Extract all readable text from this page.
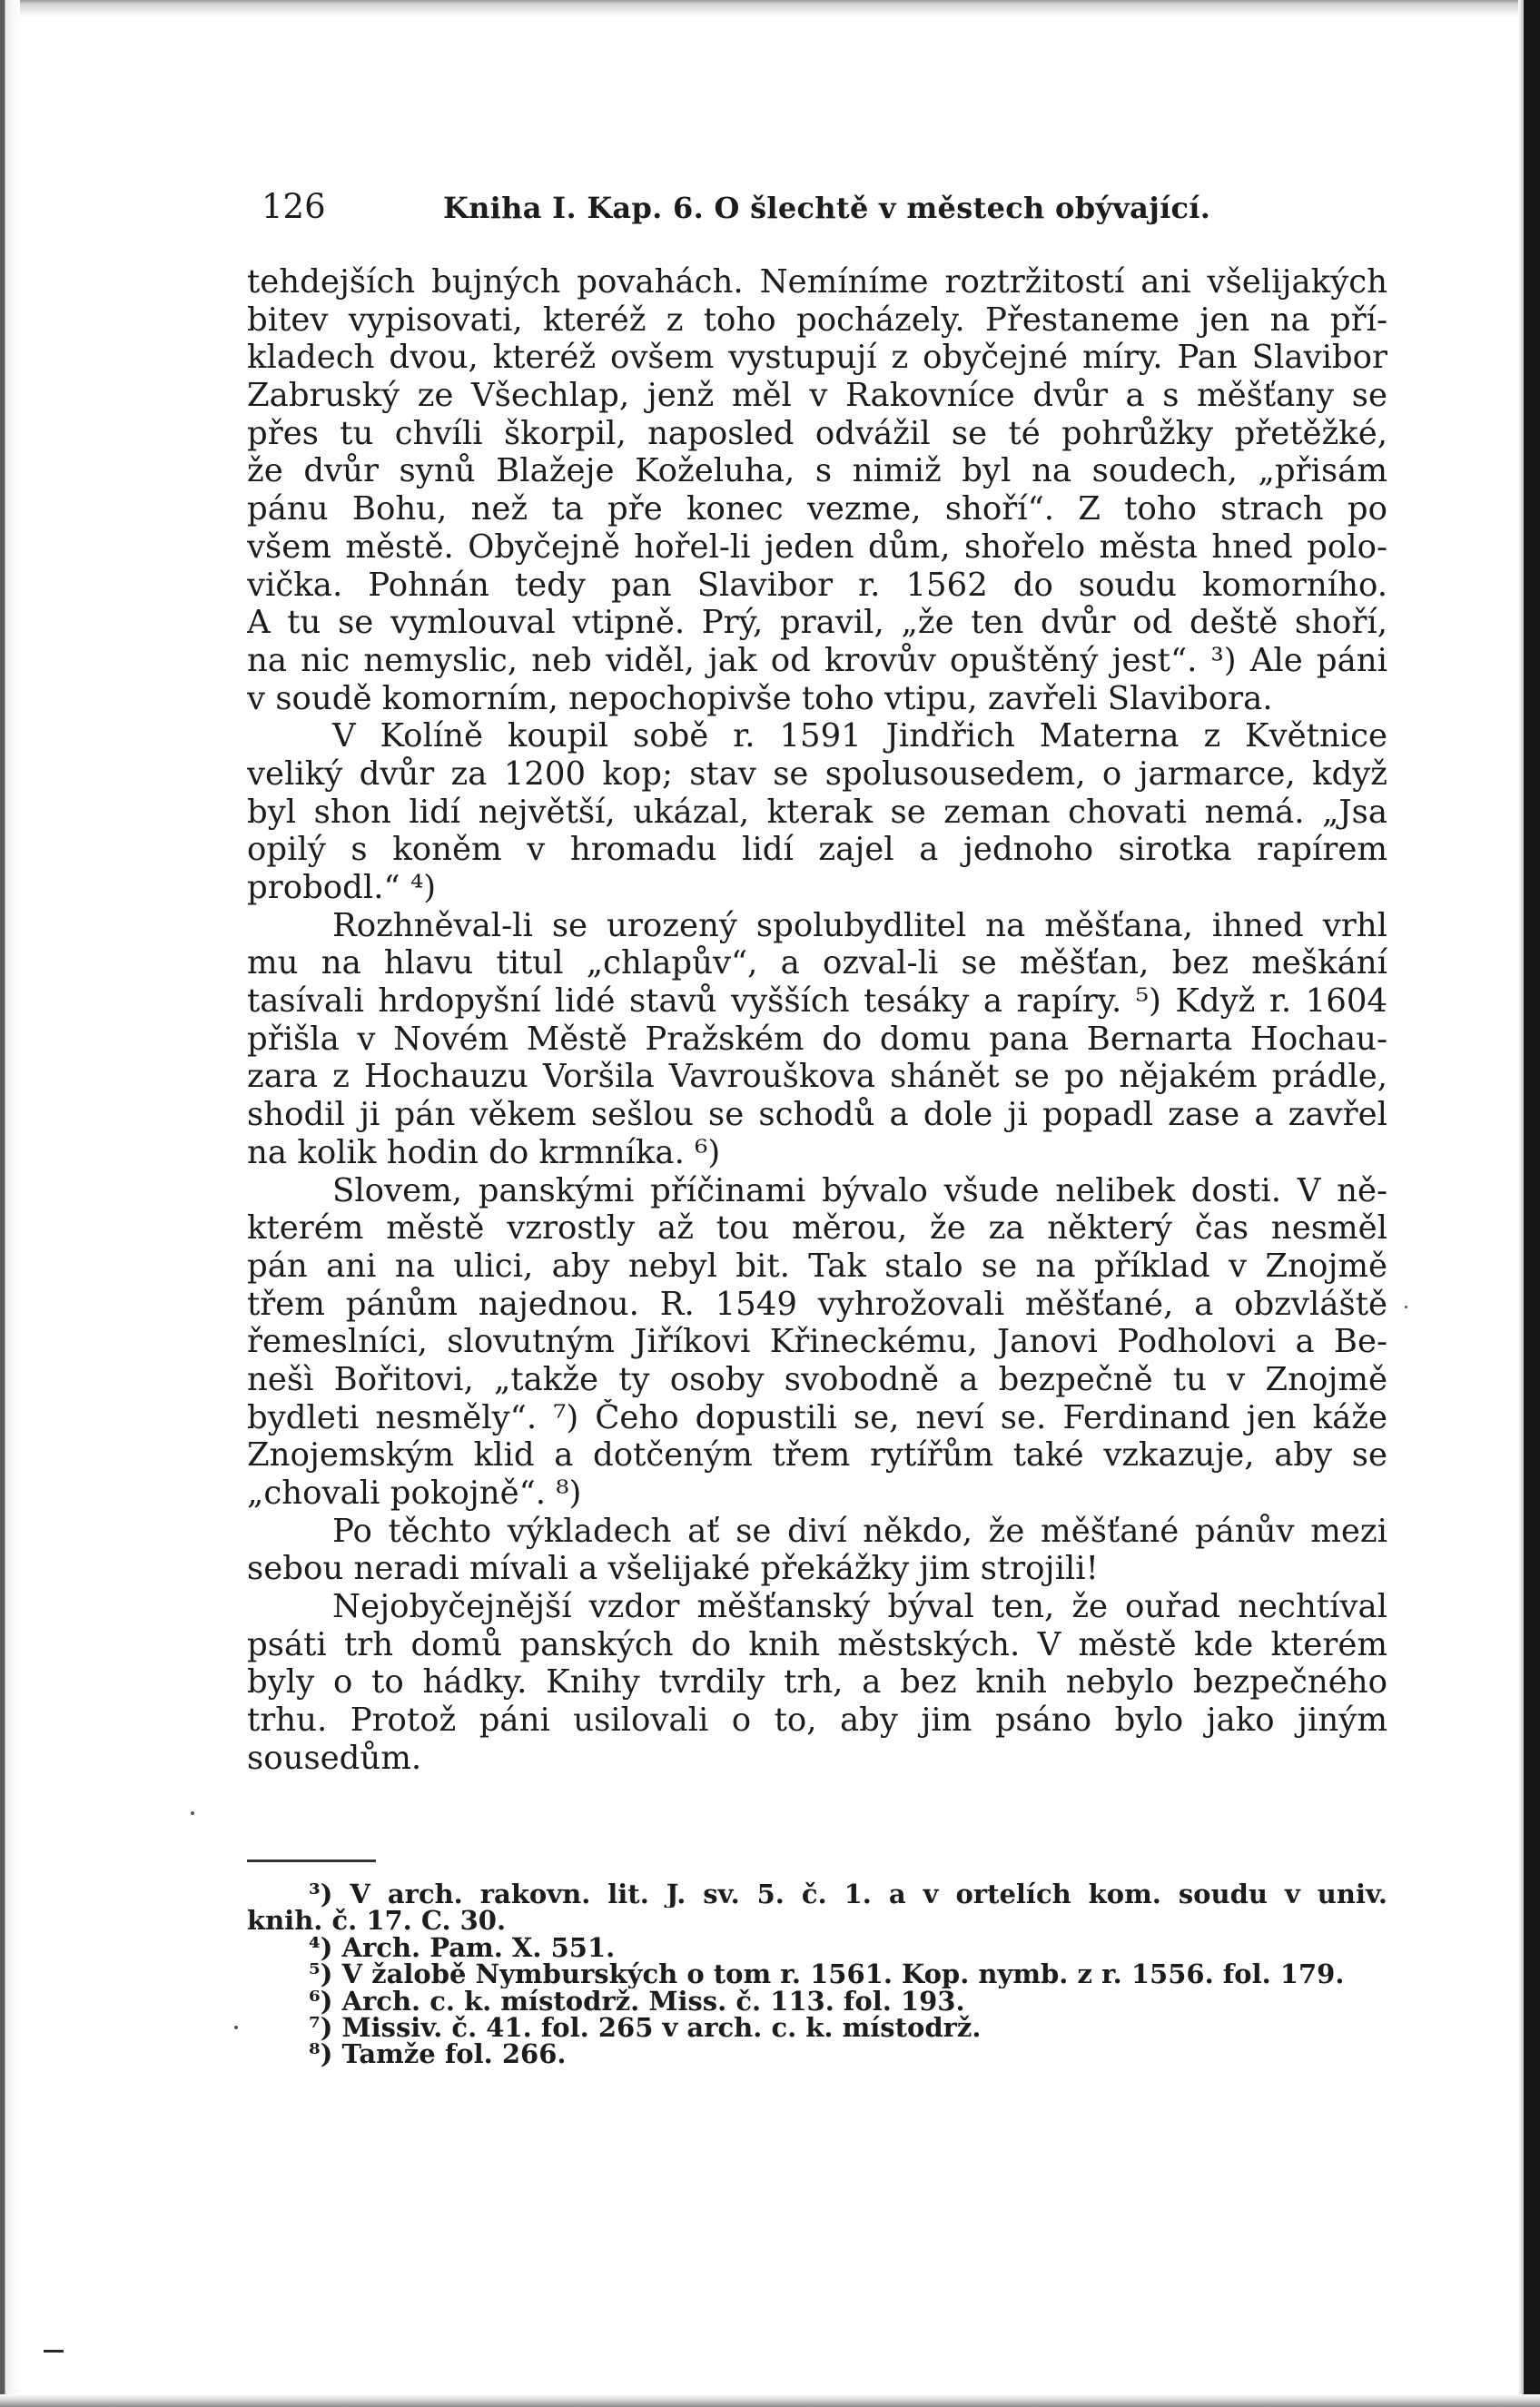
126	Kniha I. Kap. 6. O šlechtě v městech obývající.
tehdejších bujných povahách. Nemíníme roztržitostí ani všelijakých
bitev vypisovati, kteréž z toho pocházely. Přestaneme jen na pří-
kladech dvou, kteréž ovšem vystupují z obyčejné míry. Pan Slavibor
Zabruský ze Všechlap, jenž měl v Rakovníce dvůr a s měšťany se
přes tu chvíli škorpil, naposled odvážil se té pohrůžky přetěžké,
že dvůr synů Blažeje Koželuha, s nimiž byl na soudech, „přisám
pánu Bohu, než ta pře konec vezme, shoří“. Z toho strach po
všem městě. Obyčejně hořel-li jeden dům, shořelo města hned polo-
vička. Pohnán tedy pan Slavibor r. 1562 do soudu komorního.
A tu se vymlouval vtipně. Prý, pravil, „že ten dvůr od deště shoří,
na nic nemyslic, neb viděl, jak od krovův opuštěný jest“. ³) Ale páni
v soudě komorním, nepochopivše toho vtipu, zavřeli Slavibora.
V Kolíně koupil sobě r. 1591 Jindřich Materna z Květnice
veliký dvůr za 1200 kop; stav se spolusousedem, o jarmarce, když
byl shon lidí největší, ukázal, kterak se zeman chovati nemá. „Jsa
opilý s koněm v hromadu lidí zajel a jednoho sirotka rapírem
probodl.“ ⁴)
Rozhněval-li se urozený spolubydlitel na měšťana, ihned vrhl
mu na hlavu titul „chlapův“, a ozval-li se měšťan, bez meškání
tasívali hrdopyšní lidé stavů vyšších tesáky a rapíry. ⁵) Když r. 1604
přišla v Novém Městě Pražském do domu pana Bernarta Hochau-
zara z Hochauzu Voršila Vavrouškova shánět se po nějakém prádle,
shodil ji pán věkem sešlou se schodů a dole ji popadl zase a zavřel
na kolik hodin do krmníka. ⁶)
Slovem, panskými příčinami bývalo všude nelibek dosti. V ně-
kterém městě vzrostly až tou měrou, že za některý čas nesměl
pán ani na ulici, aby nebyl bit. Tak stalo se na příklad v Znojmě
třem pánům najednou. R. 1549 vyhrožovali měšťané, a obzvláště
řemeslníci, slovutným Jiříkovi Křineckému, Janovi Podholovi a Be-
nešì Bořitovi, „takže ty osoby svobodně a bezpečně tu v Znojmě
bydleti nesměly“. ⁷) Čeho dopustili se, neví se. Ferdinand jen káže
Znojemským klid a dotčeným třem rytířům také vzkazuje, aby se
„chovali pokojně“. ⁸)
Po těchto výkladech ať se diví někdo, že měšťané pánův mezi
sebou neradi mívali a všelijaké překážky jim strojili!
Nejobyčejnější vzdor měšťanský býval ten, že ouřad nechtíval
psáti trh domů panských do knih městských. V městě kde kterém
byly o to hádky. Knihy tvrdily trh, a bez knih nebylo bezpečného
trhu. Protož páni usilovali o to, aby jim psáno bylo jako jiným
sousedům.
³) V arch. rakovn. lit. J. sv. 5. č. 1. a v ortelích kom. soudu v univ.
knih. č. 17. C. 30.
⁴) Arch. Pam. X. 551.
⁵) V žalobě Nymburských o tom r. 1561. Kop. nymb. z r. 1556. fol. 179.
⁶) Arch. c. k. místodrž. Miss. č. 113. fol. 193.
⁷) Missiv. č. 41. fol. 265 v arch. c. k. místodrž.
⁸) Tamže fol. 266.
